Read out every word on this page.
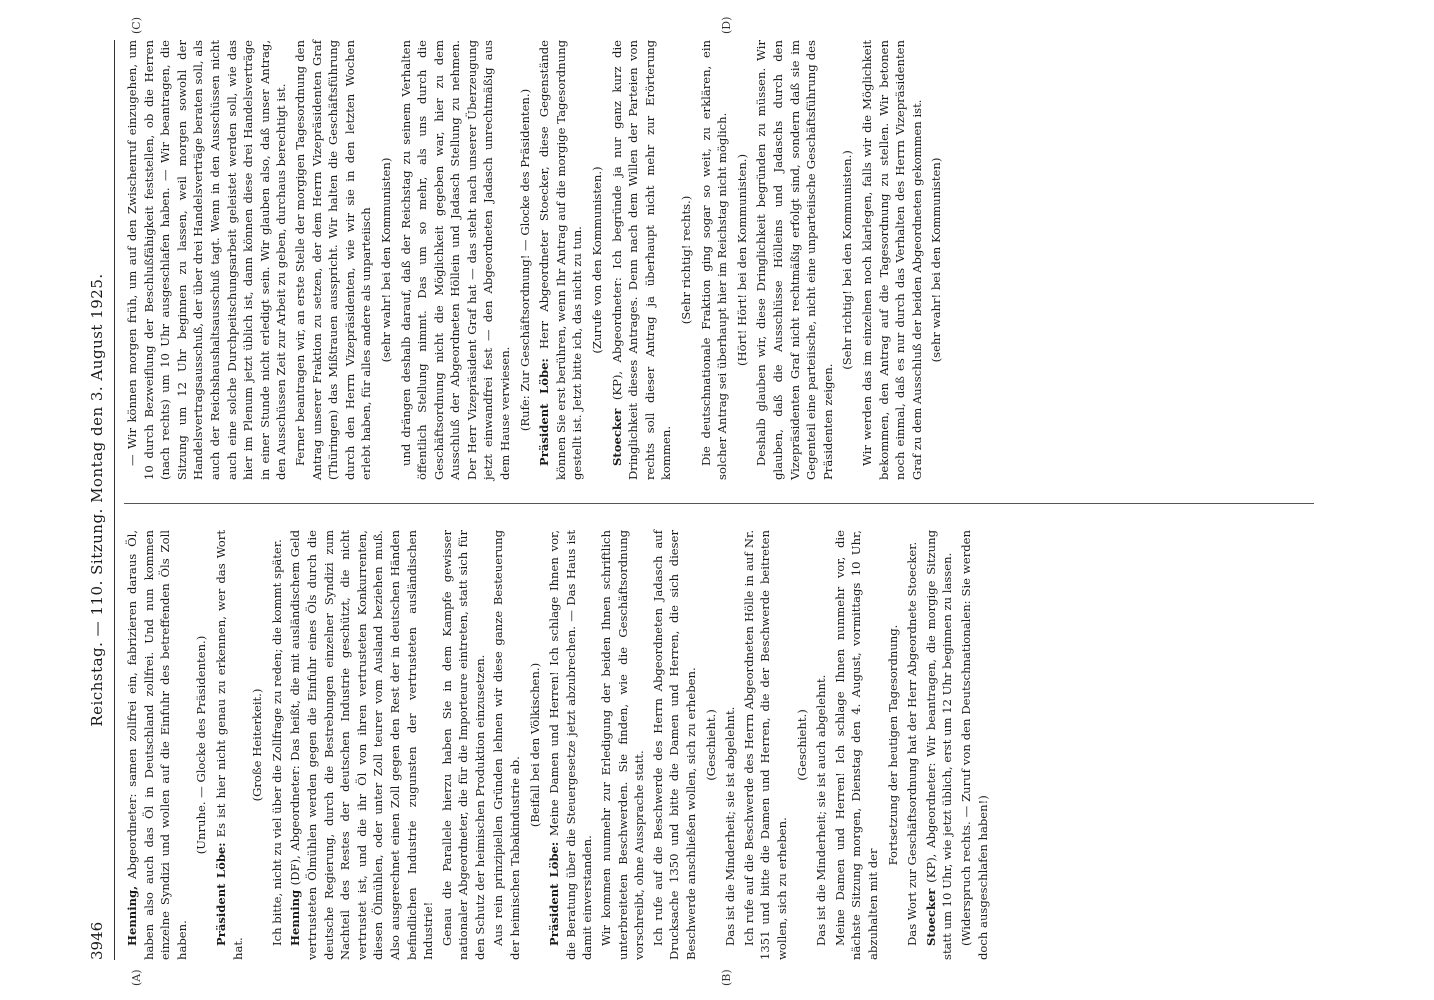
3946
Reichstag. — 110. Sitzung. Montag den 3. August 1925.
(A)	(B)
(C)	(D)

Henning, Abgeordneter: samen zollfrei ein, fabrizieren daraus Öl, haben also auch das Öl in Deutschland zollfrei. Und nun kommen einzelne Syndizi und wollen auf die Einfuhr des betreffenden Öls Zoll haben.

(Unruhe. — Glocke des Präsidenten.)

Präsident Löbe: Es ist hier nicht genau zu erkennen, wer das Wort hat.

(Große Heiterkeit.) Ich bitte, nicht zu viel über die Zollfrage zu reden; die kommt später. Henning (DF), Abgeordneter: Das heißt, die mit ausländischem Geld vertrusteten Ölmühlen werden gegen die Einfuhr eines Öls durch die deutsche Regierung, durch die Bestrebungen einzelner Syndizi zum Nachteil des Restes der deutschen Industrie geschützt, die nicht vertrustet ist, und die ihr Öl von ihren vertrusteten Konkurrenten, diesen Ölmühlen, oder unter Zoll teurer vom Ausland beziehen muß. Also ausgerechnet einen Zoll gegen den Rest der in deutschen Händen befindlichen Industrie zugunsten der vertrusteten ausländischen Industrie! Genau die Parallele hierzu haben Sie in dem Kampfe gewisser nationaler Abgeordneter, die für die Importeure eintreten, statt sich für den Schutz der heimischen Produktion einzusetzen. Aus rein prinzipiellen Gründen lehnen wir diese ganze Besteuerung der heimischen Tabakindustrie ab.

(Beifall bei den Völkischen.)

Präsident Löbe: Meine Damen und Herren! Ich schlage Ihnen vor, die Beratung über die Steuergesetze jetzt abzubrechen. — Das Haus ist damit einverstanden. Wir kommen nunmehr zur Erledigung der beiden Ihnen schriftlich unterbreiteten Beschwerden. Sie finden, wie die Geschäftsordnung vorschreibt, ohne Aussprache statt. Ich rufe auf die Beschwerde des Herrn Abgeordneten Jadasch auf Drucksache 1350 und bitte die Damen und Herren, die sich dieser Beschwerde anschließen wollen, sich zu erheben. (Geschieht.) Das ist die Minderheit; sie ist abgelehnt. Ich rufe auf die Beschwerde des Herrn Abgeordneten Hölle in auf Nr. 1351 und bitte die Damen und Herren, die der Beschwerde beitreten wollen, sich zu erheben.

(Geschieht.) Das ist die Minderheit; sie ist auch abgelehnt. Meine Damen und Herren! Ich schlage Ihnen nunmehr vor, die nächste Sitzung morgen, Dienstag den 4. August, vormittags 10 Uhr, abzuhalten mit der

Fortsetzung der heutigen Tagesordnung. Das Wort zur Geschäftsordnung hat der Herr Abgeordnete Stoecker. Stoecker (KP), Abgeordneter: Wir beantragen, die morgige Sitzung statt um 10 Uhr, wie jetzt üblich, erst um 12 Uhr beginnen zu lassen. (Widerspruch rechts. — Zuruf von den Deutschnationalen: Sie werden doch ausgeschlafen haben!)

— Wir können morgen früh, um auf den Zwischenruf einzugehen, um 10 durch Bezweiflung der Beschlußfähigkeit feststellen, ob die Herren (nach rechts) um 10 Uhr ausgeschlafen haben. — Wir beantragen, die Sitzung um 12 Uhr beginnen zu lassen, weil morgen sowohl der Handelsvertragsausschuß, der über drei Handelsverträge beraten soll, als auch der Reichshaushaltsausschuß tagt. Wenn in den Ausschüssen nicht auch eine solche Durchpeitschungsarbeit geleistet werden soll, wie das hier im Plenum jetzt üblich ist, dann können diese drei Handelsverträge in einer Stunde nicht erledigt sein. Wir glauben also, daß unser Antrag, den Ausschüssen Zeit zur Arbeit zu geben, durchaus berechtigt ist. Ferner beantragen wir, an erste Stelle der morgigen Tagesordnung den Antrag unserer Fraktion zu setzen, der dem Herrn Vizepräsidenten Graf (Thüringen) das Mißtrauen ausspricht. Wir halten die Geschäftsführung durch den Herrn Vizepräsidenten, wie wir sie in den letzten Wochen erlebt haben, für alles andere als unparteiisch (sehr wahr! bei den Kommunisten) und drängen deshalb darauf, daß der Reichstag zu seinem Verhalten öffentlich Stellung nimmt. Das um so mehr, als uns durch die Geschäftsordnung nicht die Möglichkeit gegeben war, hier zu dem Ausschluß der Abgeordneten Höllein und Jadasch Stellung zu nehmen. Der Herr Vizepräsident Graf hat — das steht nach unserer Überzeugung jetzt einwandfrei fest — den Abgeordneten Jadasch unrechtmäßig aus dem Hause verwiesen. (Rufe: Zur Geschäftsordnung! — Glocke des Präsidenten.) Präsident Löbe: Herr Abgeordneter Stoecker, diese Gegenstände können Sie erst berühren, wenn Ihr Antrag auf die morgige Tagesordnung gestellt ist. Jetzt bitte ich, das nicht zu tun. (Zurufe von den Kommunisten.)

Stoecker (KP), Abgeordneter: Ich begründe ja nur ganz kurz die Dringlichkeit dieses Antrages. Denn nach dem Willen der Parteien von rechts soll dieser Antrag ja überhaupt nicht mehr zur Erörterung kommen.

(Sehr richtig! rechts.) Die deutschnationale Fraktion ging sogar so weit, zu erklären, ein solcher Antrag sei überhaupt hier im Reichstag nicht möglich. (Hört! Hört! bei den Kommunisten.) Deshalb glauben wir, diese Dringlichkeit begründen zu müssen. Wir glauben, daß die Ausschlüsse Hölleins und Jadaschs durch den Vizepräsidenten Graf nicht rechtmäßig erfolgt sind, sondern daß sie im Gegenteil eine parteiische, nicht eine unparteiische Geschäftsführung des Präsidenten zeigen.

(Sehr richtig! bei den Kommunisten.) Wir werden das im einzelnen noch klarlegen, falls wir die Möglichkeit bekommen, den Antrag auf die Tagesordnung zu stellen. Wir betonen noch einmal, daß es nur durch das Verhalten des Herrn Vizepräsidenten Graf zu dem Ausschluß der beiden Abgeordneten gekommen ist. (sehr wahr! bei den Kommunisten)
